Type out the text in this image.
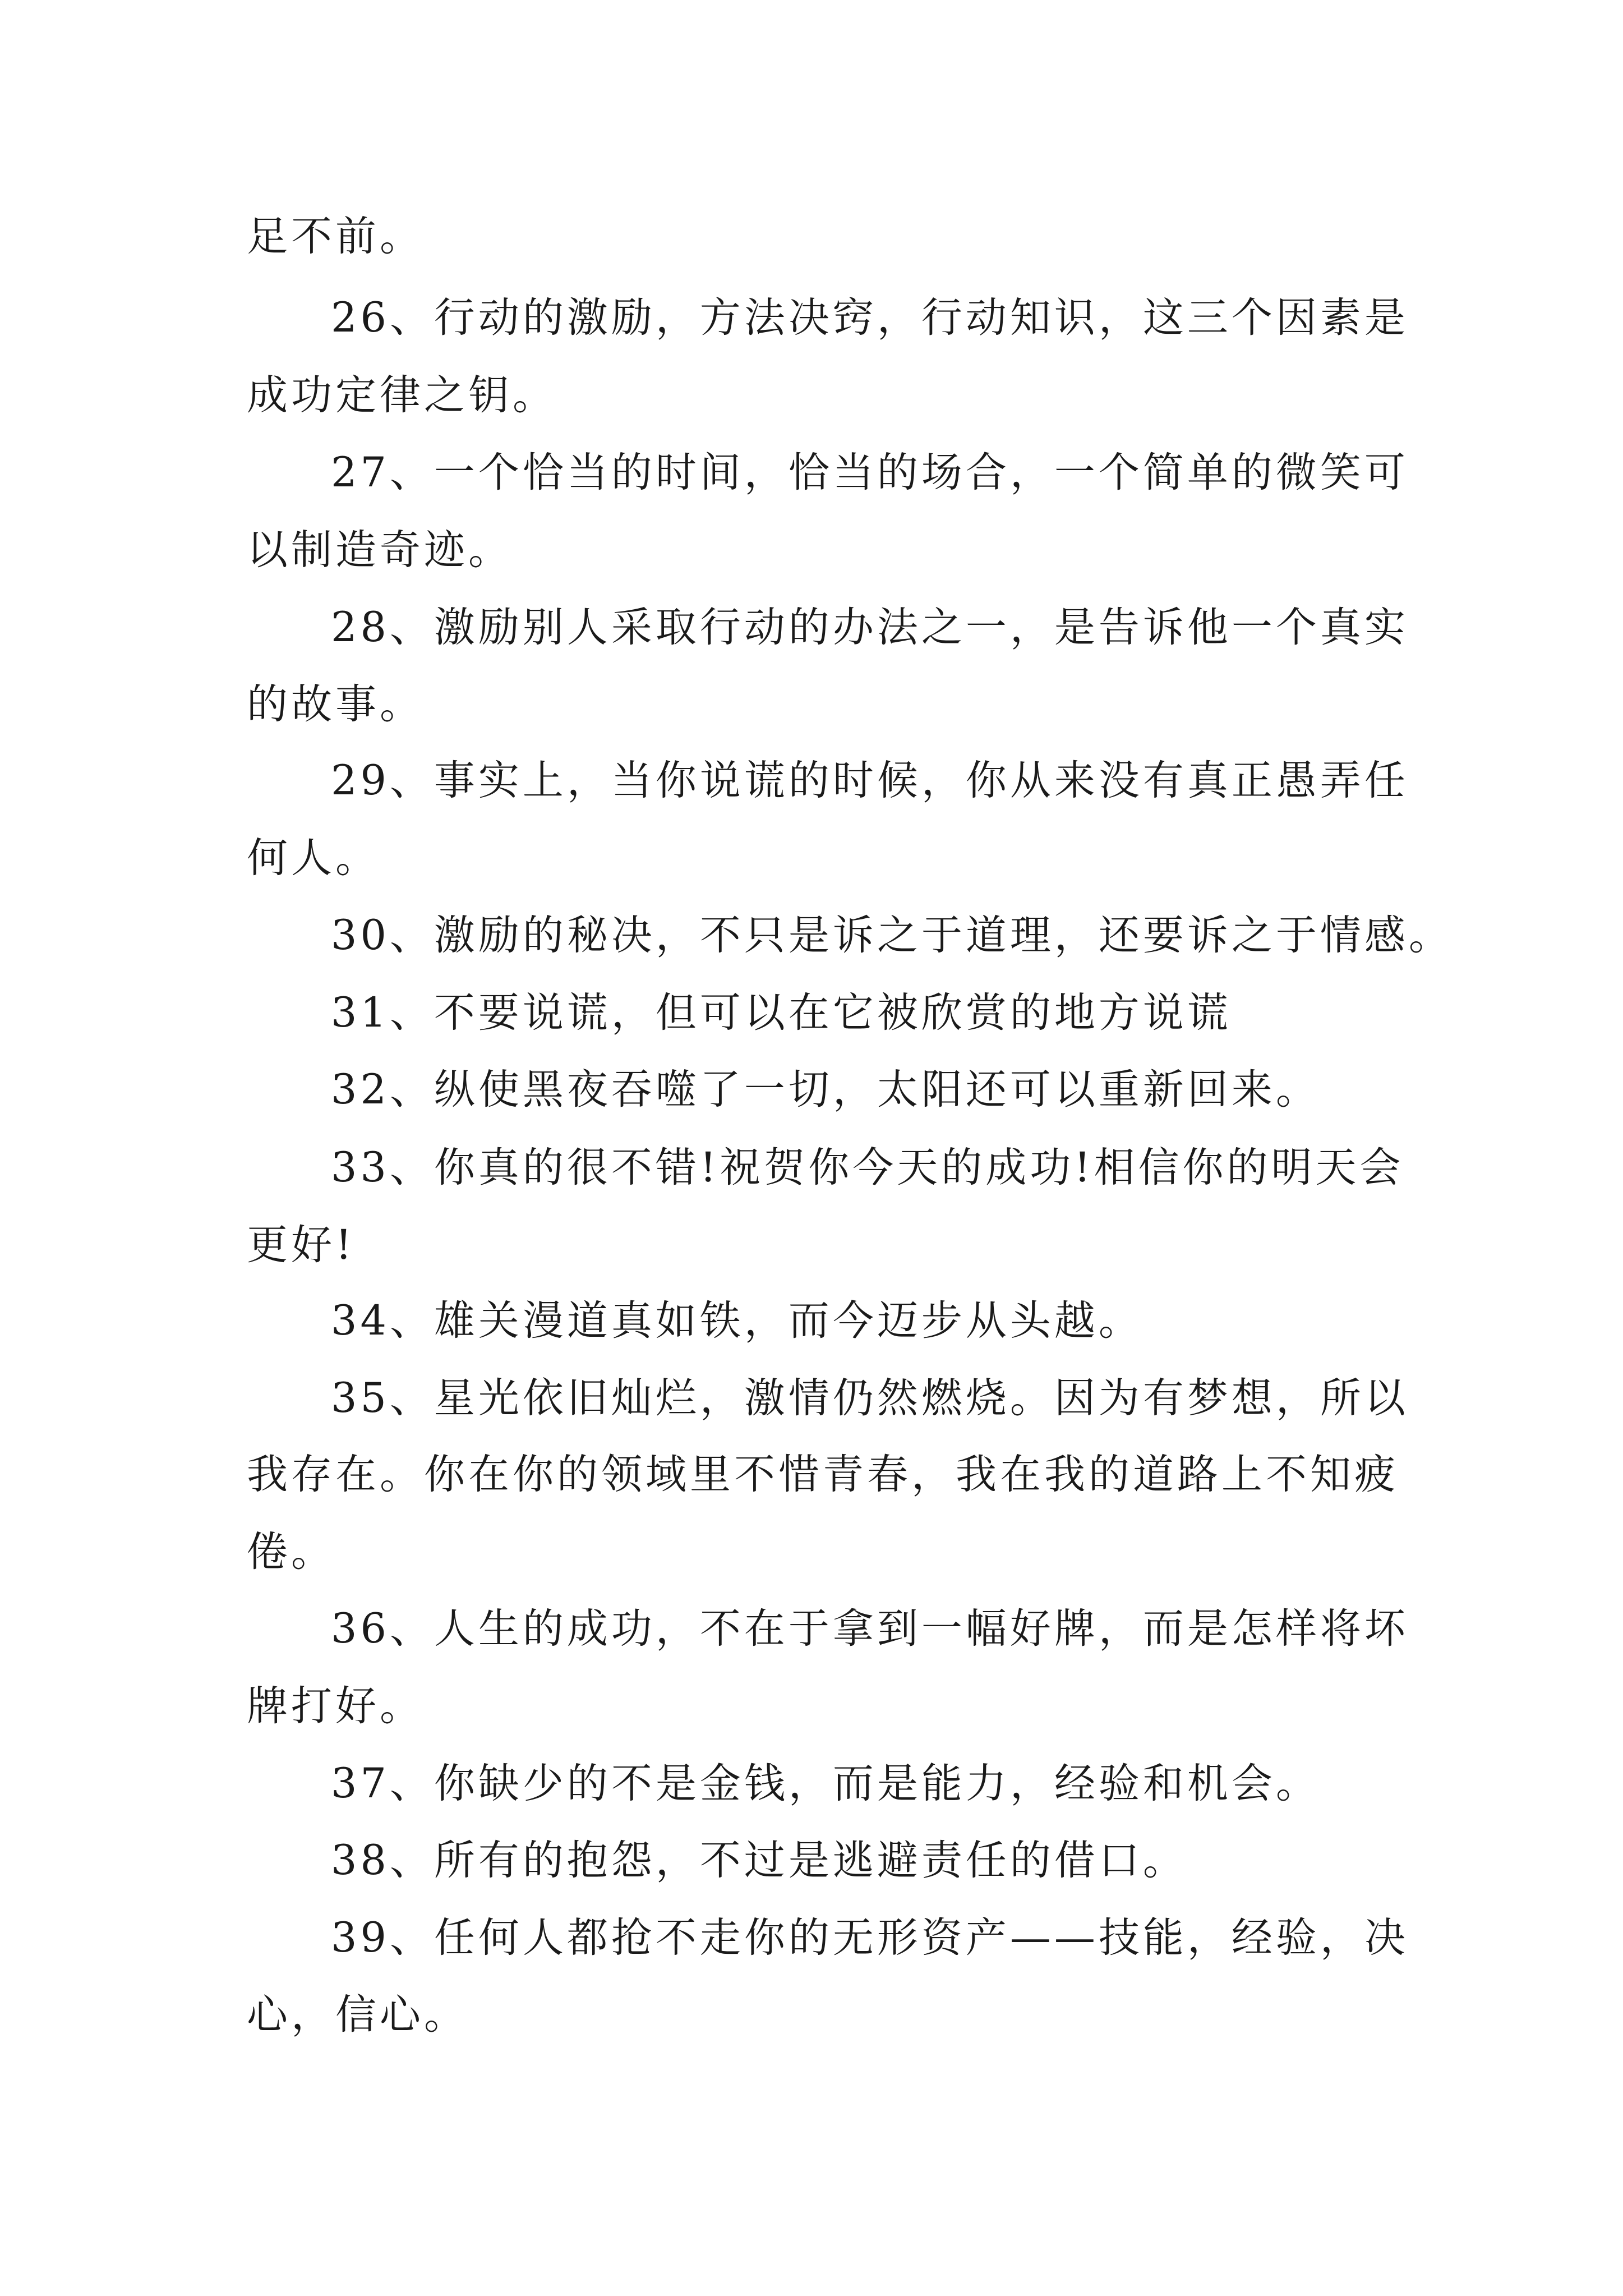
足不前。
26、行动的激励，方法决窍，行动知识，这三个因素是
成功定律之钥。
27、一个恰当的时间，恰当的场合，一个简单的微笑可
以制造奇迹。
28、激励别人采取行动的办法之一，是告诉他一个真实
的故事。
29、事实上，当你说谎的时候，你从来没有真正愚弄任
何人。
30、激励的秘决，不只是诉之于道理，还要诉之于情感。
31、不要说谎，但可以在它被欣赏的地方说谎
32、纵使黑夜吞噬了一切，太阳还可以重新回来。
33、你真的很不错!祝贺你今天的成功!相信你的明天会
更好!
34、雄关漫道真如铁，而今迈步从头越。
35、星光依旧灿烂，激情仍然燃烧。因为有梦想，所以
我存在。你在你的领域里不惜青春，我在我的道路上不知疲
倦。
36、人生的成功，不在于拿到一幅好牌，而是怎样将坏
牌打好。
37、你缺少的不是金钱，而是能力，经验和机会。
38、所有的抱怨，不过是逃避责任的借口。
39、任何人都抢不走你的无形资产——技能，经验，决
心，信心。
